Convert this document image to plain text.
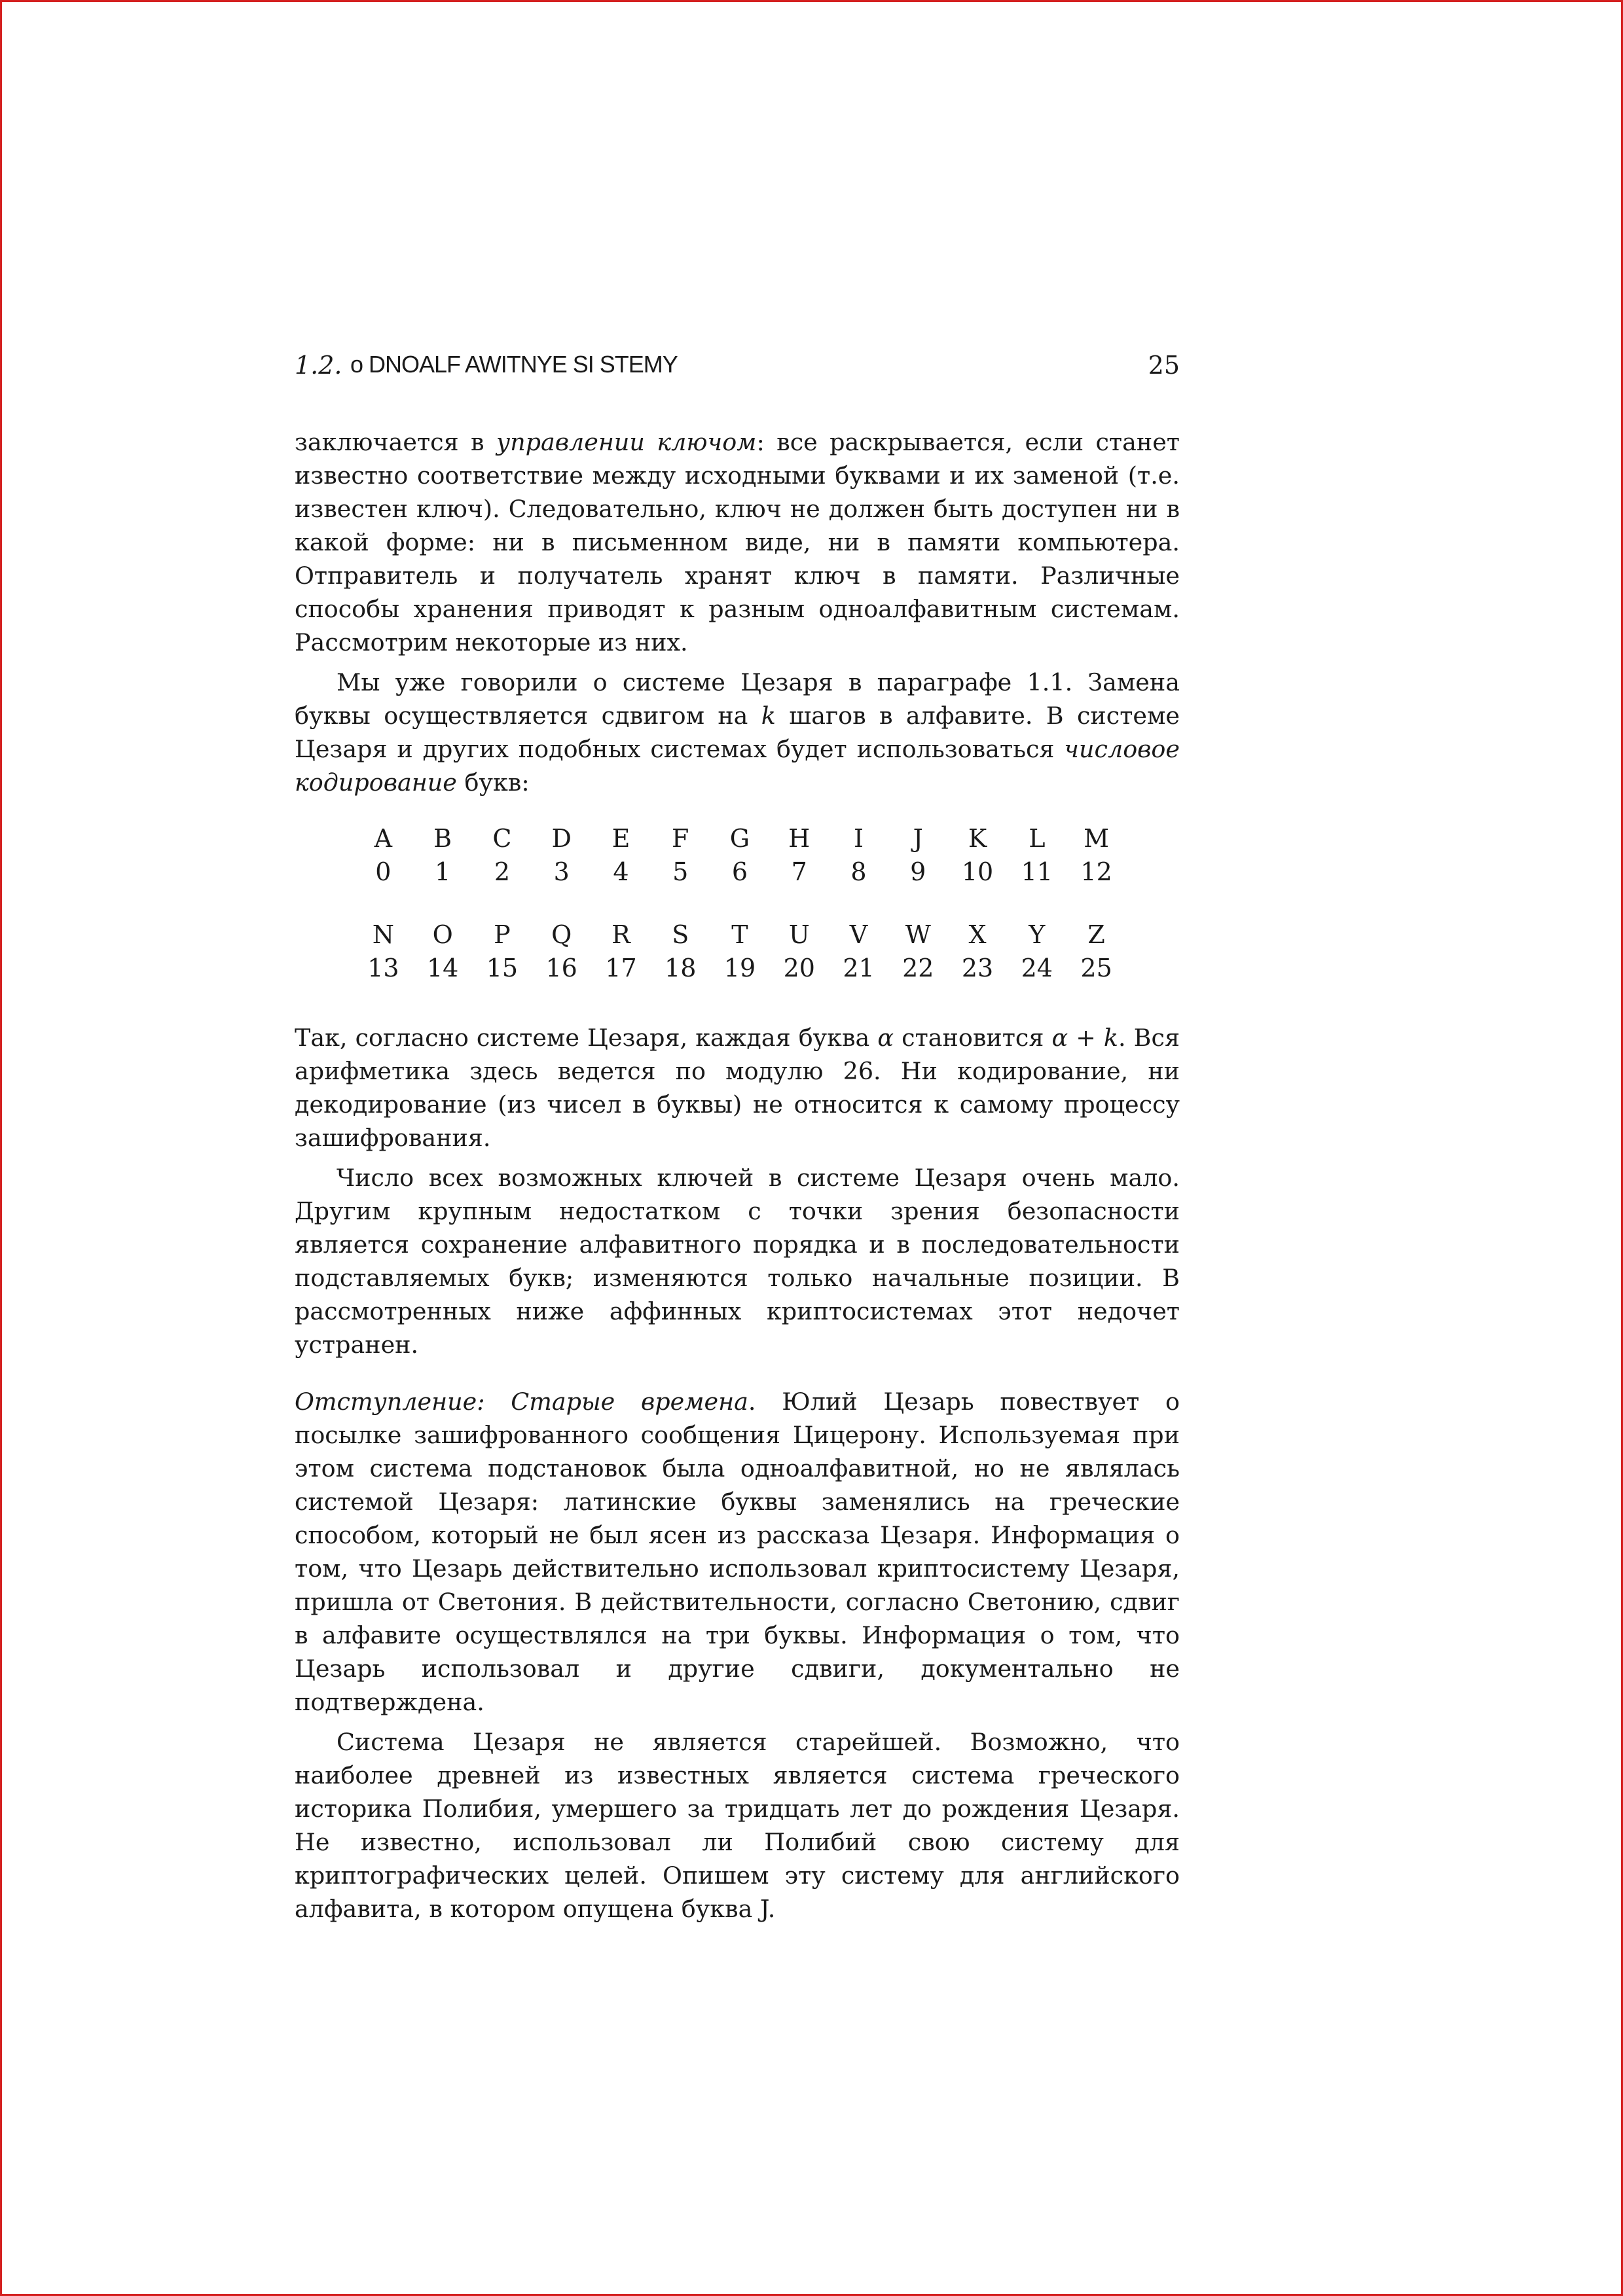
1.2. o DNOALF AWITNYE SI STEMY	25

заключается в управлении ключом: все раскрывается, если станет известно соответствие между исходными буквами и их заменой (т.е. известен ключ). Следовательно, ключ не должен быть доступен ни в какой форме: ни в письменном виде, ни в памяти компьютера. Отправитель и получатель хранят ключ в памяти. Различные способы хранения приводят к разным одноалфавитным системам. Рассмотрим некоторые из них.

Мы уже говорили о системе Цезаря в параграфе 1.1. Замена буквы осуществляется сдвигом на k шагов в алфавите. В системе Цезаря и других подобных системах будет использоваться числовое кодирование букв:

A	B	C	D	E	F	G	H	I	J	K	L	M
0	1	2	3	4	5	6	7	8	9	10	11	12

N	O	P	Q	R	S	T	U	V	W	X	Y	Z
13	14	15	16	17	18	19	20	21	22	23	24	25

Так, согласно системе Цезаря, каждая буква α становится α + k. Вся арифметика здесь ведется по модулю 26. Ни кодирование, ни декодирование (из чисел в буквы) не относится к самому процессу зашифрования.

Число всех возможных ключей в системе Цезаря очень мало. Другим крупным недостатком с точки зрения безопасности является сохранение алфавитного порядка и в последовательности подставляемых букв; изменяются только начальные позиции. В рассмотренных ниже аффинных криптосистемах этот недочет устранен.

Отступление: Старые времена. Юлий Цезарь повествует о посылке зашифрованного сообщения Цицерону. Используемая при этом система подстановок была одноалфавитной, но не являлась системой Цезаря: латинские буквы заменялись на греческие способом, который не был ясен из рассказа Цезаря. Информация о том, что Цезарь действительно использовал криптосистему Цезаря, пришла от Светония. В действительности, согласно Светонию, сдвиг в алфавите осуществлялся на три буквы. Информация о том, что Цезарь использовал и другие сдвиги, документально не подтверждена.

Система Цезаря не является старейшей. Возможно, что наиболее древней из известных является система греческого историка Полибия, умершего за тридцать лет до рождения Цезаря. Не известно, использовал ли Полибий свою систему для криптографических целей. Опишем эту систему для английского алфавита, в котором опущена буква J.
